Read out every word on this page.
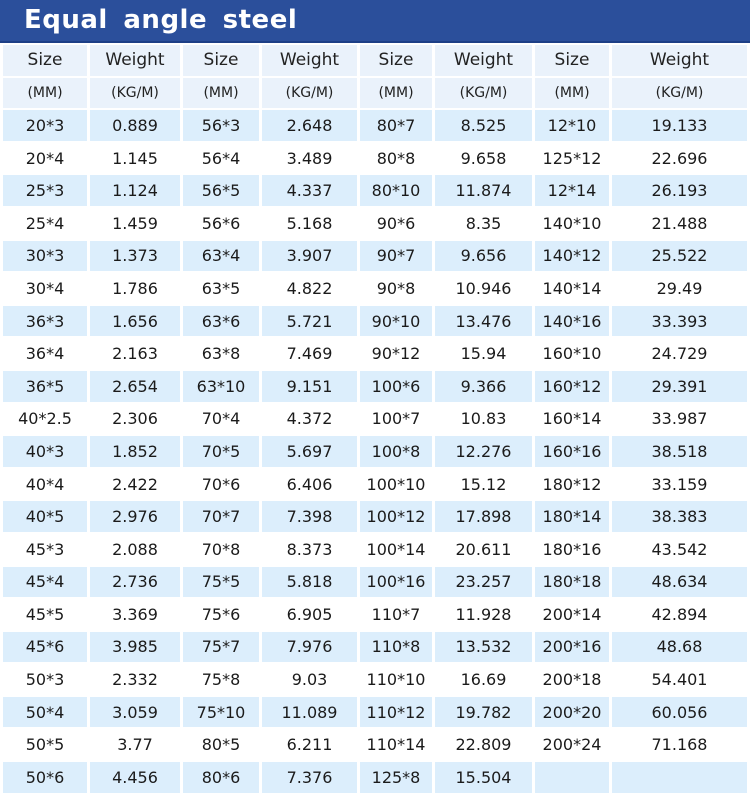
Equal angle steel
Size	Weight	Size	Weight	Size	Weight	Size	Weight
(MM)	(KG/M)	(MM)	(KG/M)	(MM)	(KG/M)	(MM)	(KG/M)
20*3	0.889	56*3	2.648	80*7	8.525	12*10	19.133
20*4	1.145	56*4	3.489	80*8	9.658	125*12	22.696
25*3	1.124	56*5	4.337	80*10	11.874	12*14	26.193
25*4	1.459	56*6	5.168	90*6	8.35	140*10	21.488
30*3	1.373	63*4	3.907	90*7	9.656	140*12	25.522
30*4	1.786	63*5	4.822	90*8	10.946	140*14	29.49
36*3	1.656	63*6	5.721	90*10	13.476	140*16	33.393
36*4	2.163	63*8	7.469	90*12	15.94	160*10	24.729
36*5	2.654	63*10	9.151	100*6	9.366	160*12	29.391
40*2.5	2.306	70*4	4.372	100*7	10.83	160*14	33.987
40*3	1.852	70*5	5.697	100*8	12.276	160*16	38.518
40*4	2.422	70*6	6.406	100*10	15.12	180*12	33.159
40*5	2.976	70*7	7.398	100*12	17.898	180*14	38.383
45*3	2.088	70*8	8.373	100*14	20.611	180*16	43.542
45*4	2.736	75*5	5.818	100*16	23.257	180*18	48.634
45*5	3.369	75*6	6.905	110*7	11.928	200*14	42.894
45*6	3.985	75*7	7.976	110*8	13.532	200*16	48.68
50*3	2.332	75*8	9.03	110*10	16.69	200*18	54.401
50*4	3.059	75*10	11.089	110*12	19.782	200*20	60.056
50*5	3.77	80*5	6.211	110*14	22.809	200*24	71.168
50*6	4.456	80*6	7.376	125*8	15.504		
